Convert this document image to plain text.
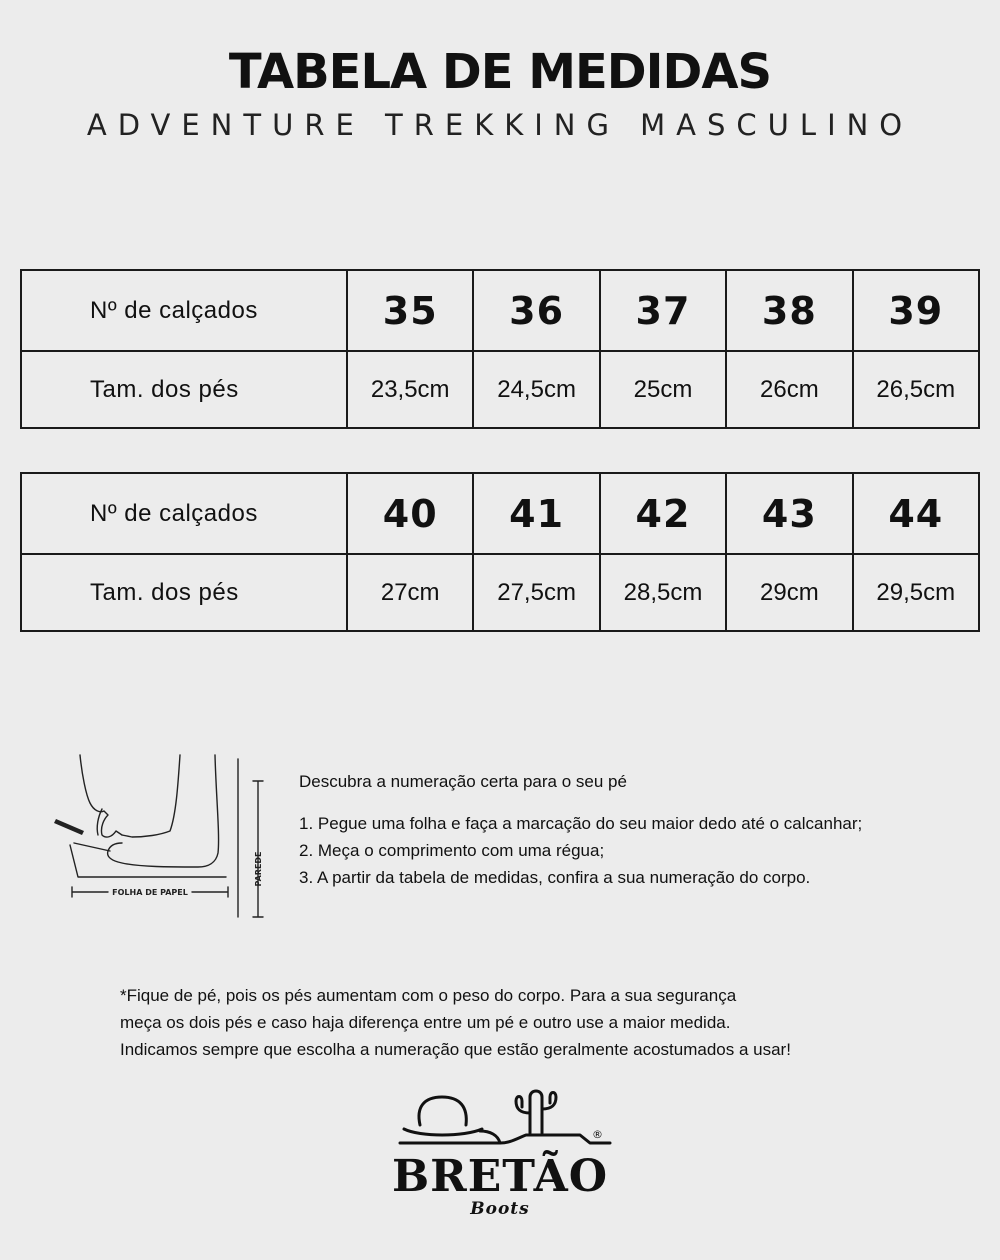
TABELA DE MEDIDAS
ADVENTURE TREKKING MASCULINO
Nº de calçados	35	36	37	38	39
Tam. dos pés	23,5cm	24,5cm	25cm	26cm	26,5cm
Nº de calçados	40	41	42	43	44
Tam. dos pés	27cm	27,5cm	28,5cm	29cm	29,5cm
FOLHA DE PAPEL
PAREDE
Descubra a numeração certa para o seu pé
1. Pegue uma folha e faça a marcação do seu maior dedo até o calcanhar;
2. Meça o comprimento com uma régua;
3. A partir da tabela de medidas, confira a sua numeração do corpo.

*Fique de pé, pois os pés aumentam com o peso do corpo. Para a sua segurança

meça os dois pés e caso haja diferença entre um pé e outro use a maior medida.

Indicamos sempre que escolha a numeração que estão geralmente acostumados a usar!

®
BRETÃO
Boots
